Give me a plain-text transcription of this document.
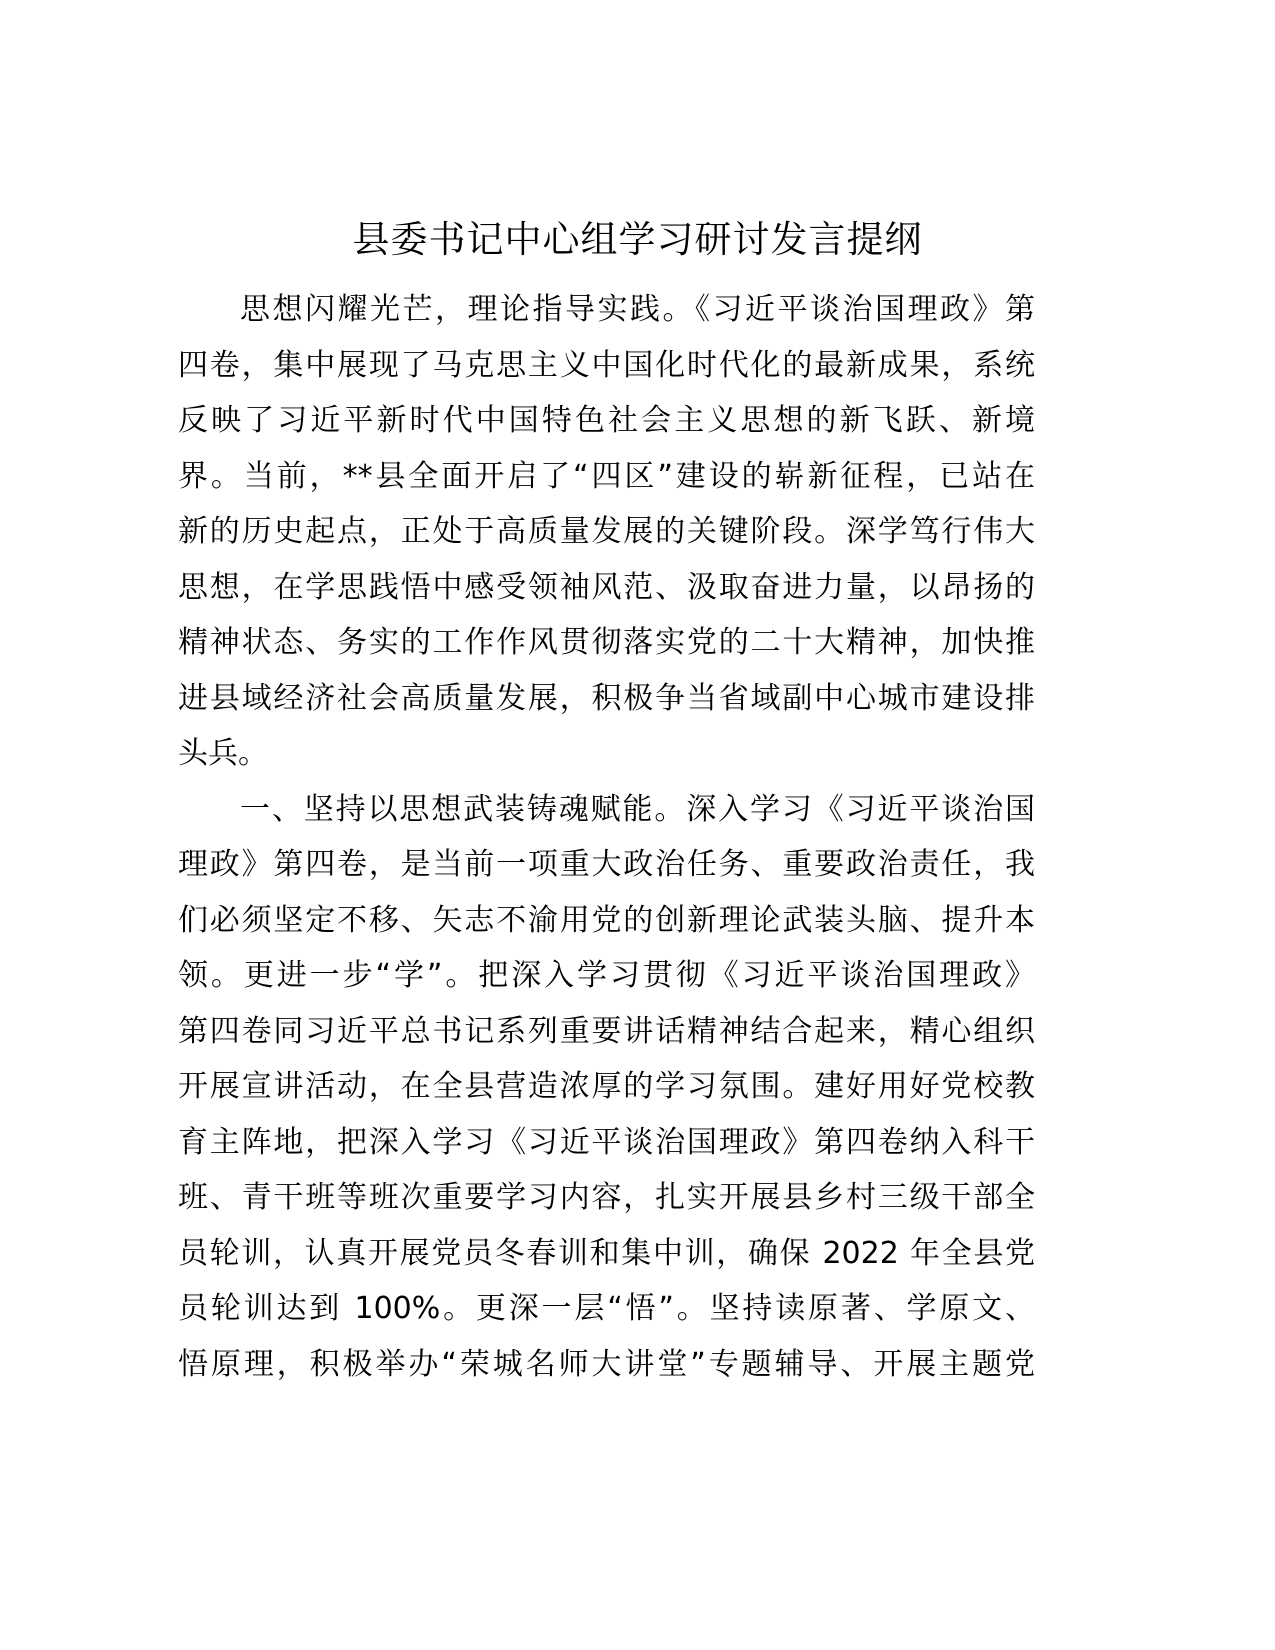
县委书记中心组学习研讨发言提纲
思想闪耀光芒，理论指导实践。《习近平谈治国理政》第
四卷，集中展现了马克思主义中国化时代化的最新成果，系统
反映了习近平新时代中国特色社会主义思想的新飞跃、新境
界。当前，**县全面开启了“四区”建设的崭新征程，已站在
新的历史起点，正处于高质量发展的关键阶段。深学笃行伟大
思想，在学思践悟中感受领袖风范、汲取奋进力量，以昂扬的
精神状态、务实的工作作风贯彻落实党的二十大精神，加快推
进县域经济社会高质量发展，积极争当省域副中心城市建设排
头兵。
一、坚持以思想武装铸魂赋能。深入学习《习近平谈治国
理政》第四卷，是当前一项重大政治任务、重要政治责任，我
们必须坚定不移、矢志不渝用党的创新理论武装头脑、提升本
领。更进一步“学”。把深入学习贯彻《习近平谈治国理政》
第四卷同习近平总书记系列重要讲话精神结合起来，精心组织
开展宣讲活动，在全县营造浓厚的学习氛围。建好用好党校教
育主阵地，把深入学习《习近平谈治国理政》第四卷纳入科干
班、青干班等班次重要学习内容，扎实开展县乡村三级干部全
员轮训，认真开展党员冬春训和集中训，确保 2022 年全县党
员轮训达到 100%。更深一层“悟”。坚持读原著、学原文、
悟原理，积极举办“荣城名师大讲堂”专题辅导、开展主题党
